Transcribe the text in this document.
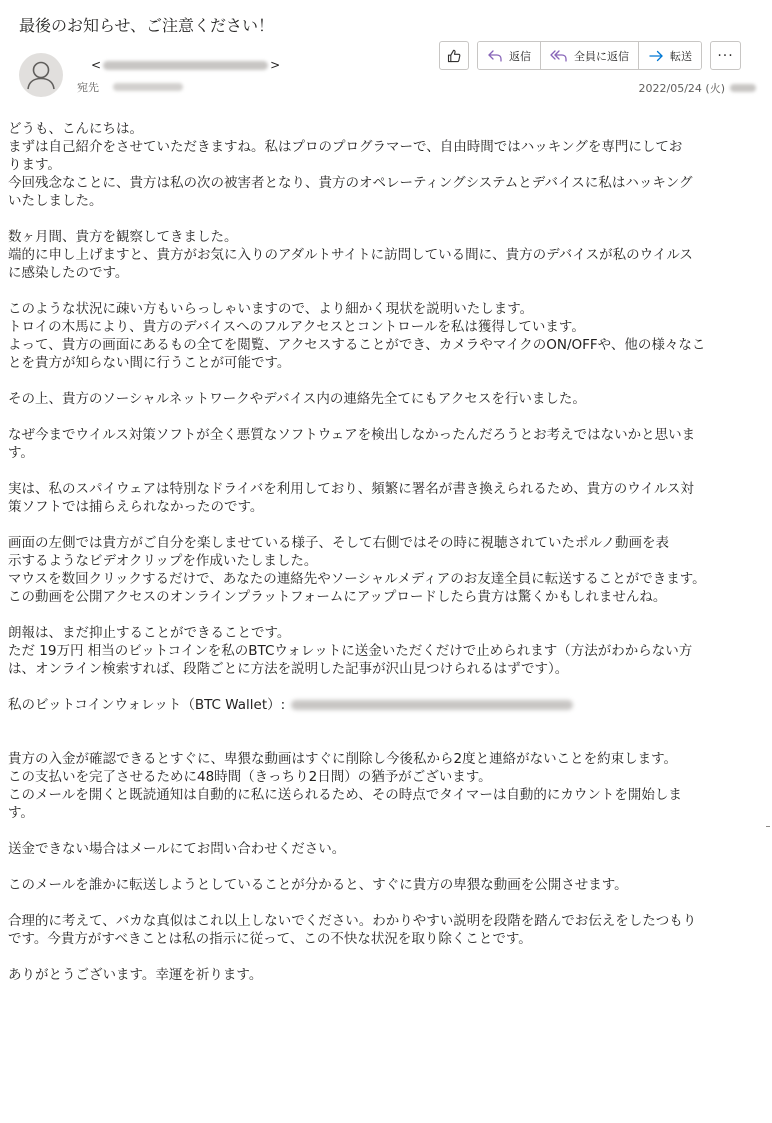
最後のお知らせ、ご注意ください！
<	>
宛先
返信	全員に返信	転送	···
2022/05/24 (火)

どうも、こんにちは。
まずは自己紹介をさせていただきますね。私はプロのプログラマーで、自由時間ではハッキングを専門にしてお
ります。
今回残念なことに、貴方は私の次の被害者となり、貴方のオペレーティングシステムとデバイスに私はハッキング
いたしました。

数ヶ月間、貴方を観察してきました。
端的に申し上げますと、貴方がお気に入りのアダルトサイトに訪問している間に、貴方のデバイスが私のウイルス
に感染したのです。

このような状況に疎い方もいらっしゃいますので、より細かく現状を説明いたします。
トロイの木馬により、貴方のデバイスへのフルアクセスとコントロールを私は獲得しています。
よって、貴方の画面にあるもの全てを閲覧、アクセスすることができ、カメラやマイクのON/OFFや、他の様々なこ
とを貴方が知らない間に行うことが可能です。

その上、貴方のソーシャルネットワークやデバイス内の連絡先全てにもアクセスを行いました。

なぜ今までウイルス対策ソフトが全く悪質なソフトウェアを検出しなかったんだろうとお考えではないかと思いま
す。

実は、私のスパイウェアは特別なドライバを利用しており、頻繁に署名が書き換えられるため、貴方のウイルス対
策ソフトでは捕らえられなかったのです。

画面の左側では貴方がご自分を楽しませている様子、そして右側ではその時に視聴されていたポルノ動画を表
示するようなビデオクリップを作成いたしました。
マウスを数回クリックするだけで、あなたの連絡先やソーシャルメディアのお友達全員に転送することができます。
この動画を公開アクセスのオンラインプラットフォームにアップロードしたら貴方は驚くかもしれませんね。

朗報は、まだ抑止することができることです。
ただ 19万円 相当のビットコインを私のBTCウォレットに送金いただくだけで止められます（方法がわからない方
は、オンライン検索すれば、段階ごとに方法を説明した記事が沢山見つけられるはずです）。

私のビットコインウォレット（BTC Wallet）:

貴方の入金が確認できるとすぐに、卑猥な動画はすぐに削除し今後私から2度と連絡がないことを約束します。
この支払いを完了させるために48時間（きっちり2日間）の猶予がございます。
このメールを開くと既読通知は自動的に私に送られるため、その時点でタイマーは自動的にカウントを開始しま
す。

送金できない場合はメールにてお問い合わせください。

このメールを誰かに転送しようとしていることが分かると、すぐに貴方の卑猥な動画を公開させます。

合理的に考えて、バカな真似はこれ以上しないでください。わかりやすい説明を段階を踏んでお伝えをしたつもり
です。今貴方がすべきことは私の指示に従って、この不快な状況を取り除くことです。

ありがとうございます。幸運を祈ります。
